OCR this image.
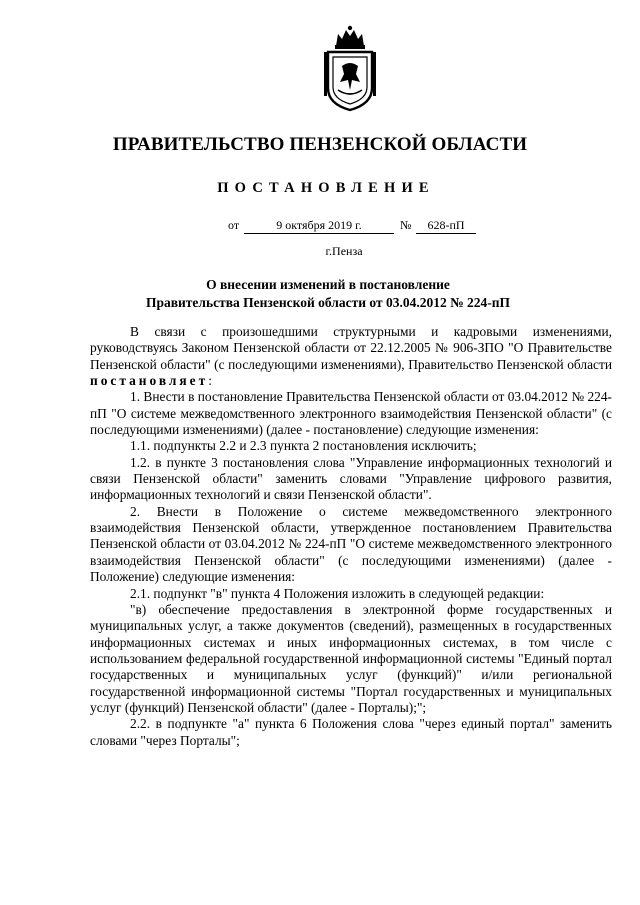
ПРАВИТЕЛЬСТВО ПЕНЗЕНСКОЙ ОБЛАСТИ
ПОСТАНОВЛЕНИЕ
от	9 октября 2019 г.	№	628-пП
г.Пенза
О внесении изменений в постановление
Правительства Пензенской области от 03.04.2012 № 224-пП

В связи с произошедшими структурными и кадровыми изменениями, руководствуясь Законом Пензенской области от 22.12.2005 № 906-ЗПО "О Правительстве Пензенской области" (с последующими изменениями), Правительство Пензенской области постановляет:

1. Внести в постановление Правительства Пензенской области от 03.04.2012 № 224-пП "О системе межведомственного электронного взаимодействия Пензенской области" (с последующими изменениями) (далее - постановление) следующие изменения:

1.1. подпункты 2.2 и 2.3 пункта 2 постановления исключить;

1.2. в пункте 3 постановления слова "Управление информационных технологий и связи Пензенской области" заменить словами "Управление цифрового развития, информационных технологий и связи Пензенской области".

2. Внести в Положение о системе межведомственного электронного взаимодействия Пензенской области, утвержденное постановлением Правительства Пензенской области от 03.04.2012 № 224-пП "О системе межведомственного электронного взаимодействия Пензенской области" (с последующими изменениями) (далее - Положение) следующие изменения:

2.1. подпункт "в" пункта 4 Положения изложить в следующей редакции:

"в) обеспечение предоставления в электронной форме государственных и муниципальных услуг, а также документов (сведений), размещенных в государственных информационных системах и иных информационных системах, в том числе с использованием федеральной государственной информационной системы "Единый портал государственных и муниципальных услуг (функций)" и/или региональной государственной информационной системы "Портал государственных и муниципальных услуг (функций) Пензенской области" (далее - Порталы);";

2.2. в подпункте "а" пункта 6 Положения слова "через единый портал" заменить словами "через Порталы";
